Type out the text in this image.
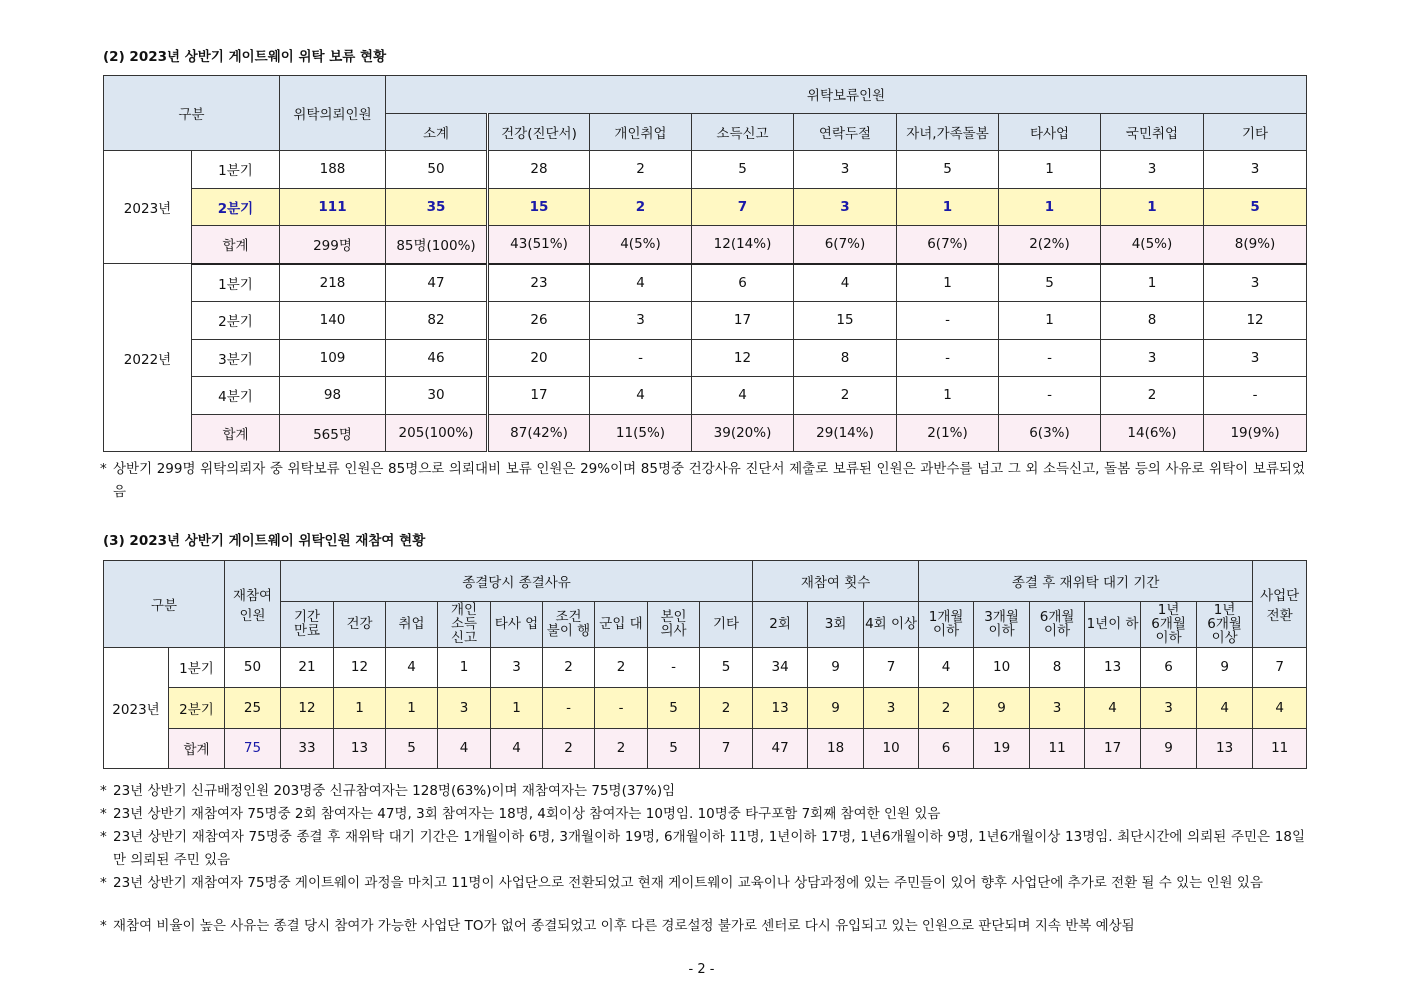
(2) 2023년 상반기 게이트웨이 위탁 보류 현황
구분		위탁의뢰인원	위탁보류인원								
			소계	건강(진단서)	개인취업	소득신고	연락두절	자녀,가족돌봄	타사업	국민취업	기타
2023년	1분기	188	50	28	2	5	3	5	1	3	3
	2분기	111	35	15	2	7	3	1	1	1	5
	합계	299명	85명(100%)	43(51%)	4(5%)	12(14%)	6(7%)	6(7%)	2(2%)	4(5%)	8(9%)
2022년	1분기	218	47	23	4	6	4	1	5	1	3
	2분기	140	82	26	3	17	15	-	1	8	12
	3분기	109	46	20	-	12	8	-	-	3	3
	4분기	98	30	17	4	4	2	1	-	2	-
	합계	565명	205(100%)	87(42%)	11(5%)	39(20%)	29(14%)	2(1%)	6(3%)	14(6%)	19(9%)
* 상반기 299명 위탁의뢰자 중 위탁보류 인원은 85명으로 의뢰대비 보류 인원은 29%이며 85명중 건강사유 진단서 제출로 보류된 인원은 과반수를 넘고 그 외 소득신고, 돌봄 등의 사유로 위탁이 보류되었음
(3) 2023년 상반기 게이트웨이 위탁인원 재참여 현황
구분		재참여 인원	종결당시 종결사유									재참여 횟수			종결 후 재위탁 대기 기간						사업단 전환
			기간 만료	건강	취업	개인 소득 신고	타사 업	조건 불이 행	군입 대	본인 의사	기타	2회	3회	4회 이상	1개월 이하	3개월 이하	6개월 이하	1년이 하	1년 6개월 이하	1년 6개월 이상	
2023년	1분기	50	21	12	4	1	3	2	2	-	5	34	9	7	4	10	8	13	6	9	7
	2분기	25	12	1	1	3	1	-	-	5	2	13	9	3	2	9	3	4	3	4	4
	합계	75	33	13	5	4	4	2	2	5	7	47	18	10	6	19	11	17	9	13	11
* 23년 상반기 신규배정인원 203명중 신규참여자는 128명(63%)이며 재참여자는 75명(37%)임
* 23년 상반기 재참여자 75명중 2회 참여자는 47명, 3회 참여자는 18명, 4회이상 참여자는 10명임. 10명중 타구포함 7회째 참여한 인원 있음
* 23년 상반기 재참여자 75명중 종결 후 재위탁 대기 기간은 1개월이하 6명, 3개월이하 19명, 6개월이하 11명, 1년이하 17명, 1년6개월이하 9명, 1년6개월이상 13명임. 최단시간에 의뢰된 주민은 18일만 의뢰된 주민 있음
* 23년 상반기 재참여자 75명중 게이트웨이 과정을 마치고 11명이 사업단으로 전환되었고 현재 게이트웨이 교육이나 상담과정에 있는 주민들이 있어 향후 사업단에 추가로 전환 될 수 있는 인원 있음
* 재참여 비율이 높은 사유는 종결 당시 참여가 가능한 사업단 TO가 없어 종결되었고 이후 다른 경로설정 불가로 센터로 다시 유입되고 있는 인원으로 판단되며 지속 반복 예상됨
- 2 -
